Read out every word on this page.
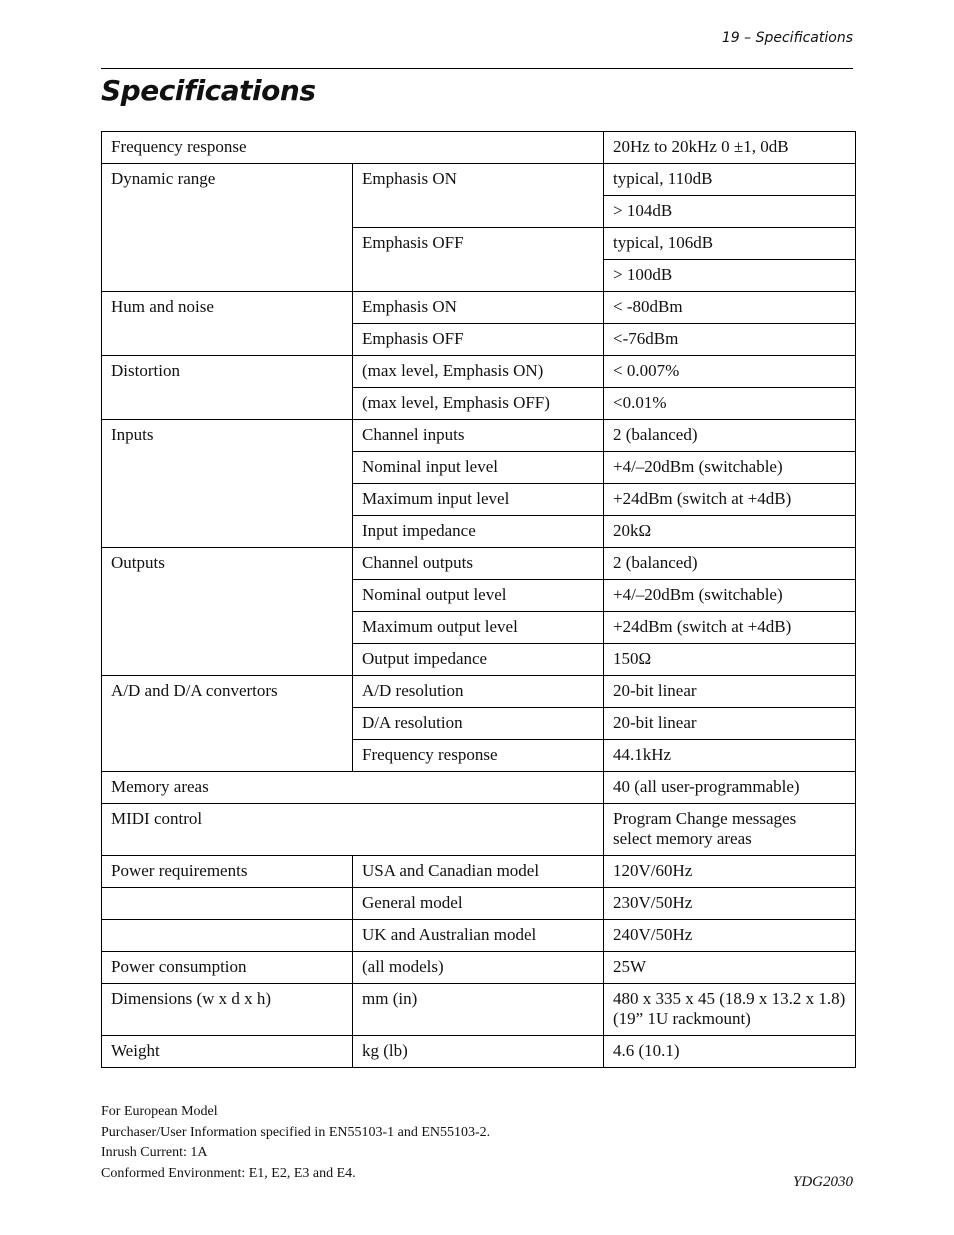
19 – Specifications
Specifications
Frequency response		20Hz to 20kHz 0 ±1, 0dB
Dynamic range	Emphasis ON	typical, 110dB
		> 104dB
	Emphasis OFF	typical, 106dB
		> 100dB
Hum and noise	Emphasis ON	< -80dBm
	Emphasis OFF	<-76dBm
Distortion	(max level, Emphasis ON)	< 0.007%
	(max level, Emphasis OFF)	<0.01%
Inputs	Channel inputs	2 (balanced)
	Nominal input level	+4/–20dBm (switchable)
	Maximum input level	+24dBm (switch at +4dB)
	Input impedance	20kΩ
Outputs	Channel outputs	2 (balanced)
	Nominal output level	+4/–20dBm (switchable)
	Maximum output level	+24dBm (switch at +4dB)
	Output impedance	150Ω
A/D and D/A convertors	A/D resolution	20-bit linear
	D/A resolution	20-bit linear
	Frequency response	44.1kHz
Memory areas		40 (all user-programmable)
MIDI control		Program Change messages
select memory areas

Power requirements	USA and Canadian model	120V/60Hz
	General model	230V/50Hz
	UK and Australian model	240V/50Hz
Power consumption	(all models)	25W
Dimensions (w x d x h)	mm (in)	480 x 335 x 45 (18.9 x 13.2 x 1.8)
(19” 1U rackmount)

Weight	kg (lb)	4.6 (10.1)
For European Model
Purchaser/User Information specified in EN55103-1 and EN55103-2.
Inrush Current: 1A
Conformed Environment: E1, E2, E3 and E4.
YDG2030
